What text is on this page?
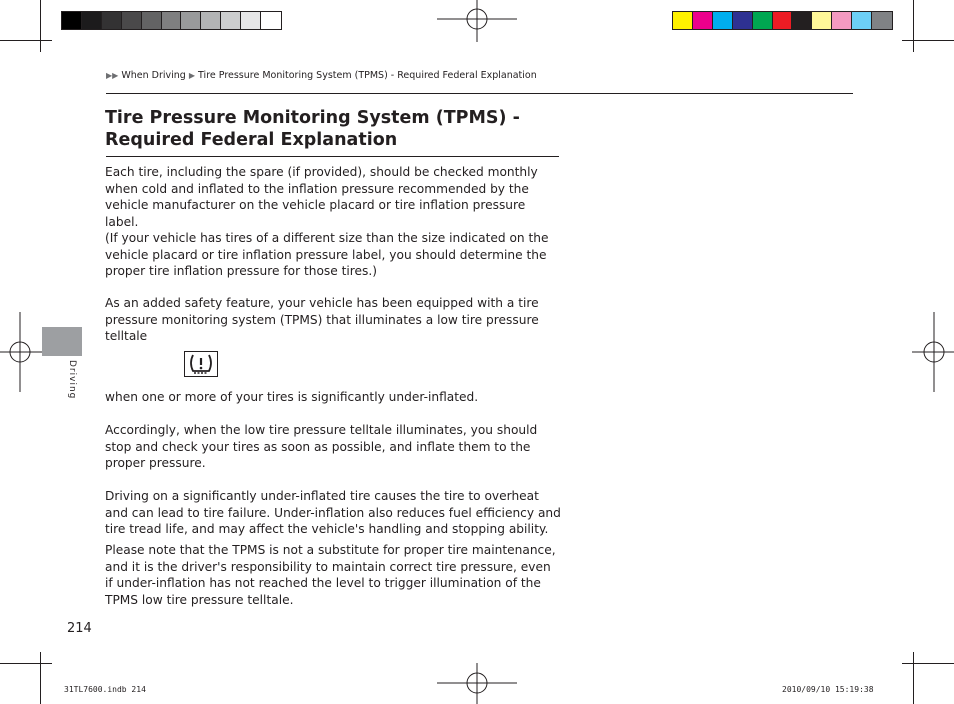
▶▶ When Driving ▶ Tire Pressure Monitoring System (TPMS) - Required Federal Explanation
Tire Pressure Monitoring System (TPMS) - Required Federal Explanation
Each tire, including the spare (if provided), should be checked monthly when cold and inflated to the inflation pressure recommended by the vehicle manufacturer on the vehicle placard or tire inflation pressure label.
(If your vehicle has tires of a different size than the size indicated on the vehicle placard or tire inflation pressure label, you should determine the proper tire inflation pressure for those tires.)
As an added safety feature, your vehicle has been equipped with a tire pressure monitoring system (TPMS) that illuminates a low tire pressure telltale
when one or more of your tires is significantly under-inflated.
Accordingly, when the low tire pressure telltale illuminates, you should stop and check your tires as soon as possible, and inflate them to the proper pressure.
Driving on a significantly under-inflated tire causes the tire to overheat and can lead to tire failure. Under-inflation also reduces fuel efficiency and tire tread life, and may affect the vehicle's handling and stopping ability.
Please note that the TPMS is not a substitute for proper tire maintenance, and it is the driver's responsibility to maintain correct tire pressure, even if under-inflation has not reached the level to trigger illumination of the TPMS low tire pressure telltale.
Driving
214
31TL7600.indb 214	2010/09/10 15:19:38
